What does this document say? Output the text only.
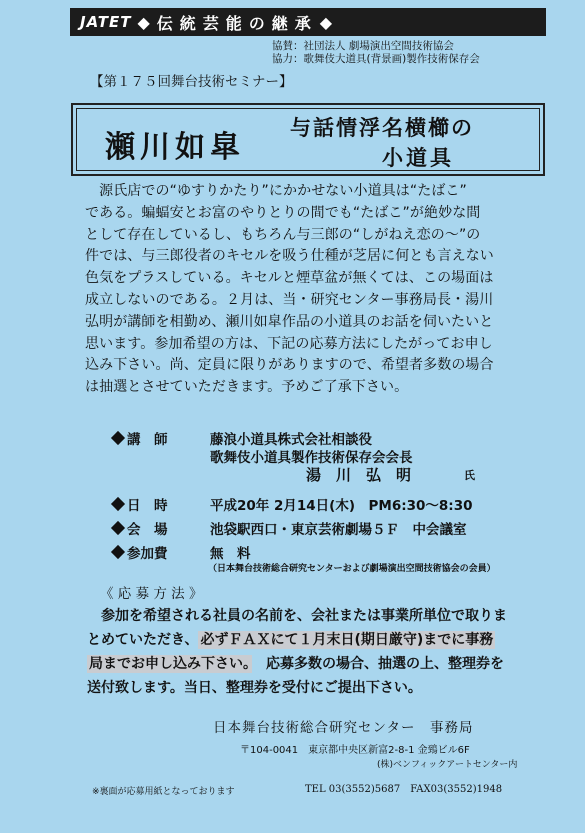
JATET ◆ 伝統芸能の継承 ◆
協賛：社団法人 劇場演出空間技術協会
協力：歌舞伎大道具(背景画)製作技術保存会
【第１７５回舞台技術セミナー】
瀬川如皐
与話情浮名横櫛の
小道具
　源氏店での“ゆすりかたり”にかかせない小道具は“たばこ”
である。蝙蝠安とお富のやりとりの間でも“たばこ”が絶妙な間
として存在しているし、もちろん与三郎の“しがねえ恋の～”の
件では、与三郎役者のキセルを吸う仕種が芝居に何とも言えない
色気をプラスしている。キセルと煙草盆が無くては、この場面は
成立しないのである。２月は、当・研究センター事務局長・湯川
弘明が講師を相勤め、瀬川如皐作品の小道具のお話を伺いたいと
思います。参加希望の方は、下記の応募方法にしたがってお申し
込み下さい。尚、定員に限りがありますので、希望者多数の場合
は抽選とさせていただきます。予めご了承下さい。
講　師	藤浪小道具株式会社相談役
歌舞伎小道具製作技術保存会会長
湯　川　弘　明	氏
日　時	平成20年 2月14日(木)　PM6:30～8:30
会　場	池袋駅西口・東京芸術劇場５Ｆ　中会議室
参加費	無　料
（日本舞台技術総合研究センターおよび劇場演出空間技術協会の会員）
《 応 募 方 法 》
　参加を希望される社員の名前を、会社または事業所単位で取りま
とめていただき、 必ずＦＡＸにて１月末日(期日厳守)までに事務
局までお申し込み下さい。　 応募多数の場合、抽選の上、整理券を
送付致します。当日、整理券を受付にご提出下さい。
日本舞台技術総合研究センター　事務局
〒104-0041　東京都中央区新富2-8-1 金鵄ビル6F
(株)ベンフィックアートセンター内
※裏面が応募用紙となっております	TEL 03(3552)5687　FAX03(3552)1948
